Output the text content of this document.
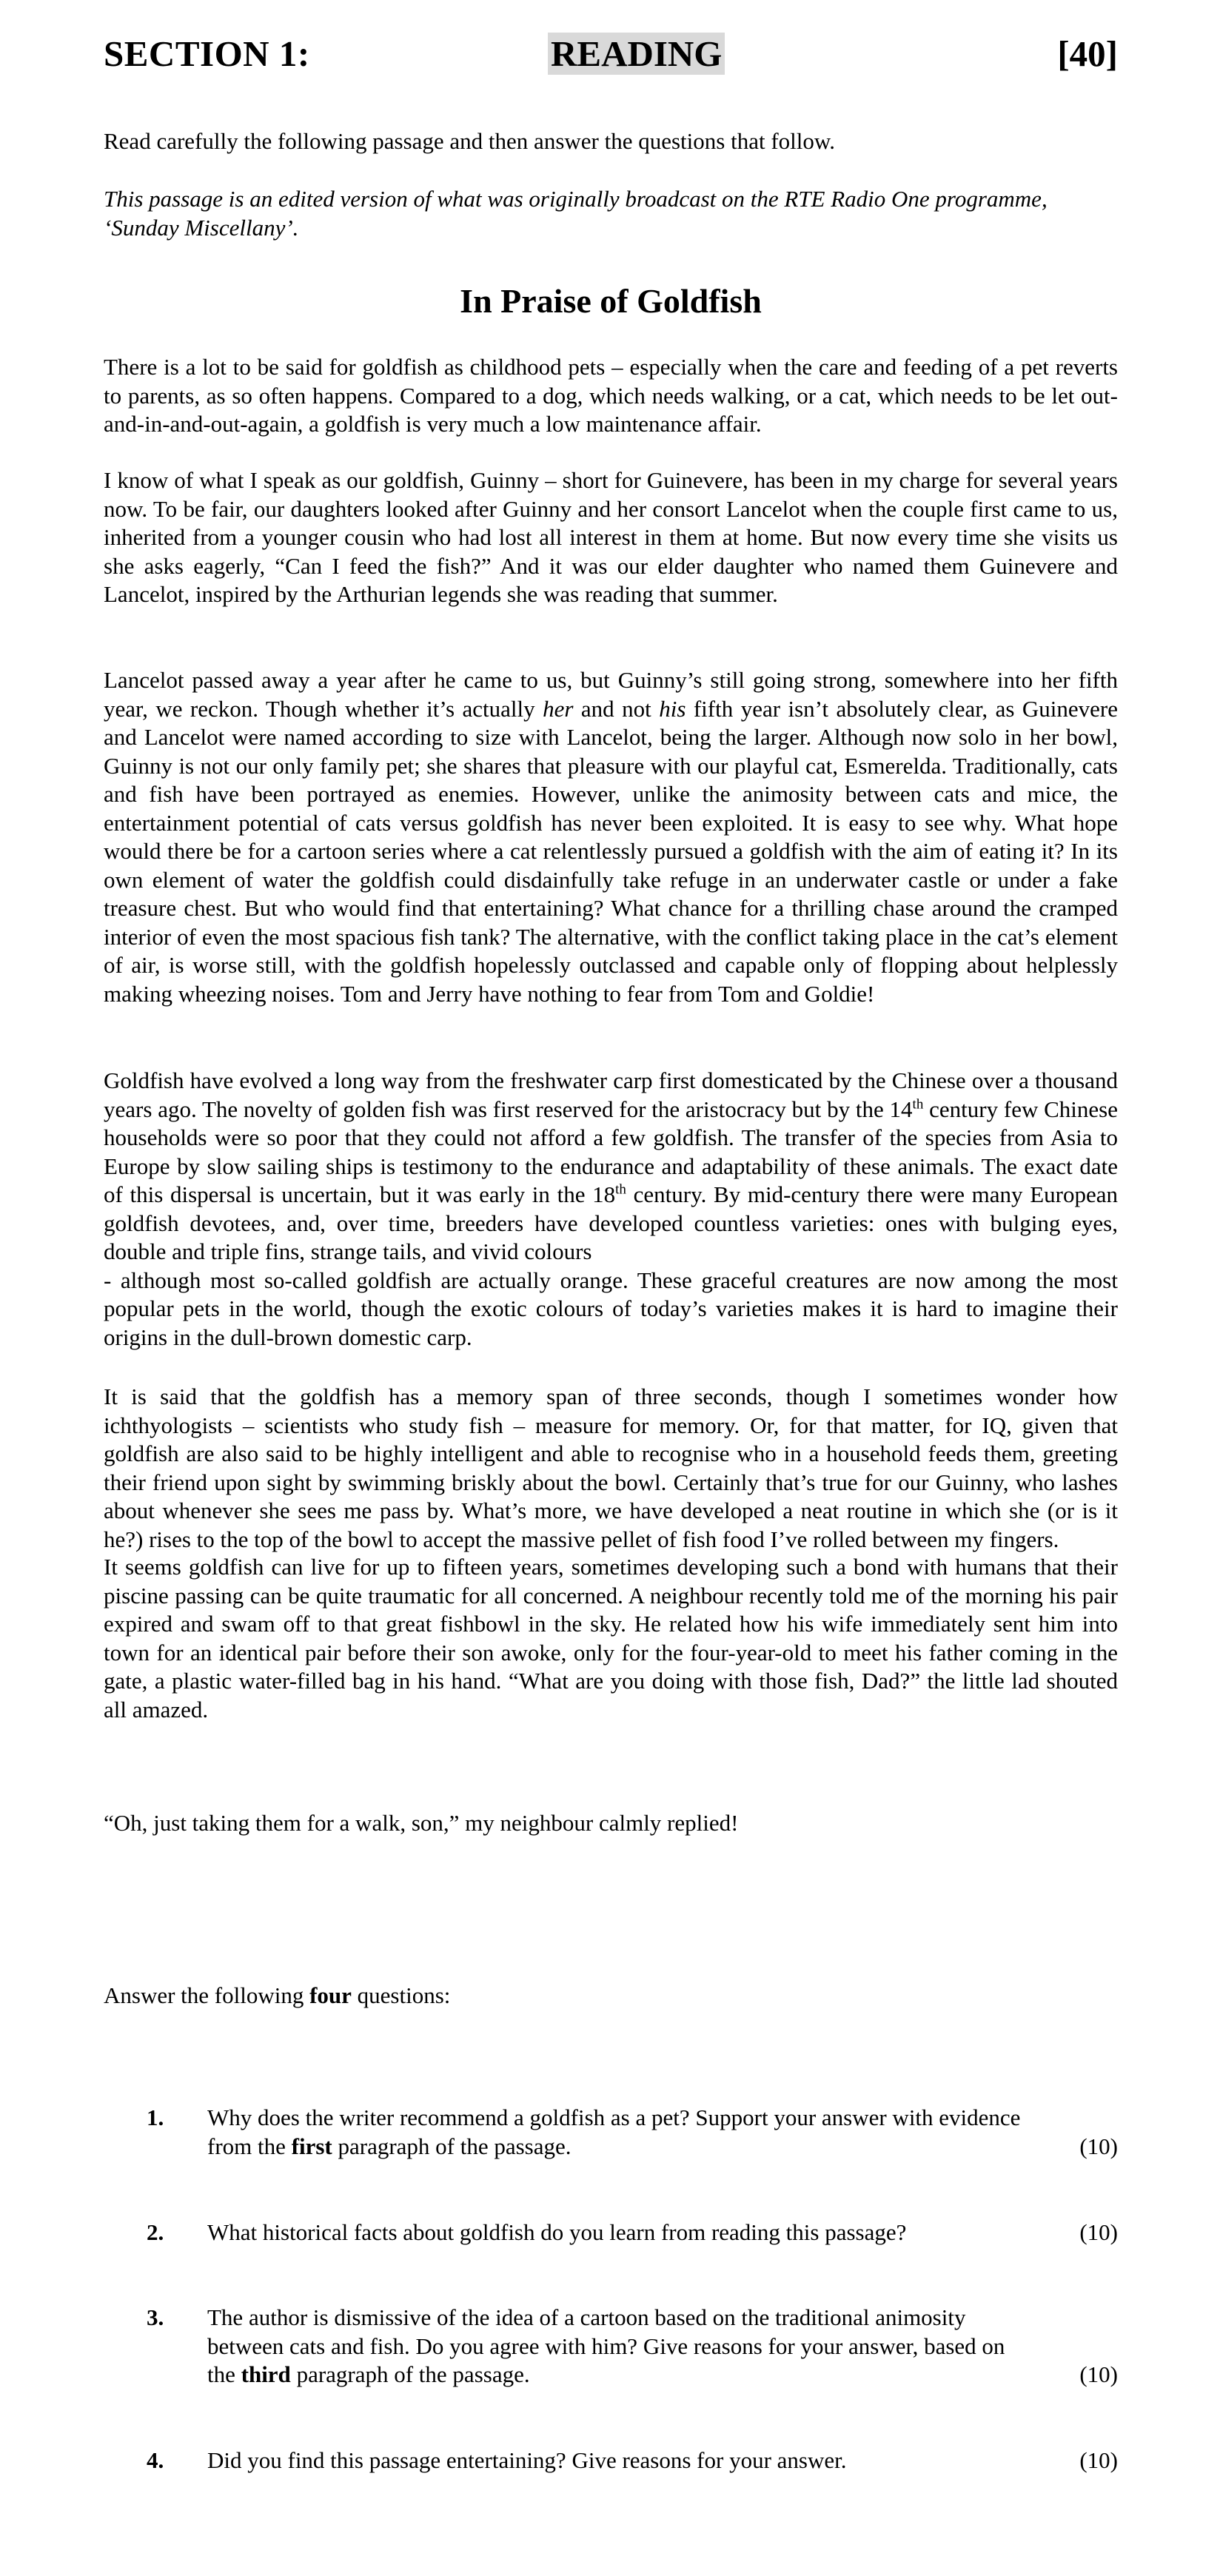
SECTION 1:	READING	[40]

Read carefully the following passage and then answer the questions that follow.

This passage is an edited version of what was originally broadcast on the RTE Radio One programme, ‘Sunday Miscellany’.

In Praise of Goldfish

There is a lot to be said for goldfish as childhood pets – especially when the care and feeding of a pet reverts to parents, as so often happens. Compared to a dog, which needs walking, or a cat, which needs to be let out-and-in-and-out-again, a goldfish is very much a low maintenance affair.

I know of what I speak as our goldfish, Guinny – short for Guinevere, has been in my charge for several years now. To be fair, our daughters looked after Guinny and her consort Lancelot when the couple first came to us, inherited from a younger cousin who had lost all interest in them at home. But now every time she visits us she asks eagerly, “Can I feed the fish?” And it was our elder daughter who named them Guinevere and Lancelot, inspired by the Arthurian legends she was reading that summer.

Lancelot passed away a year after he came to us, but Guinny’s still going strong, somewhere into her fifth year, we reckon. Though whether it’s actually her and not his fifth year isn’t absolutely clear, as Guinevere and Lancelot were named according to size with Lancelot, being the larger. Although now solo in her bowl, Guinny is not our only family pet; she shares that pleasure with our playful cat, Esmerelda. Traditionally, cats and fish have been portrayed as enemies. However, unlike the animosity between cats and mice, the entertainment potential of cats versus goldfish has never been exploited. It is easy to see why. What hope would there be for a cartoon series where a cat relentlessly pursued a goldfish with the aim of eating it? In its own element of water the goldfish could disdainfully take refuge in an underwater castle or under a fake treasure chest. But who would find that entertaining? What chance for a thrilling chase around the cramped interior of even the most spacious fish tank? The alternative, with the conflict taking place in the cat’s element of air, is worse still, with the goldfish hopelessly outclassed and capable only of flopping about helplessly making wheezing noises. Tom and Jerry have nothing to fear from Tom and Goldie!

Goldfish have evolved a long way from the freshwater carp first domesticated by the Chinese over a thousand years ago. The novelty of golden fish was first reserved for the aristocracy but by the 14th century few Chinese households were so poor that they could not afford a few goldfish. The transfer of the species from Asia to Europe by slow sailing ships is testimony to the endurance and adaptability of these animals. The exact date of this dispersal is uncertain, but it was early in the 18th century. By mid-century there were many European goldfish devotees, and, over time, breeders have developed countless varieties: ones with bulging eyes, double and triple fins, strange tails, and vivid colours
- although most so-called goldfish are actually orange. These graceful creatures are now among the most popular pets in the world, though the exotic colours of today’s varieties makes it is hard to imagine their origins in the dull-brown domestic carp.

It is said that the goldfish has a memory span of three seconds, though I sometimes wonder how ichthyologists – scientists who study fish – measure for memory. Or, for that matter, for IQ, given that goldfish are also said to be highly intelligent and able to recognise who in a household feeds them, greeting their friend upon sight by swimming briskly about the bowl. Certainly that’s true for our Guinny, who lashes about whenever she sees me pass by. What’s more, we have developed a neat routine in which she (or is it he?) rises to the top of the bowl to accept the massive pellet of fish food I’ve rolled between my fingers.

It seems goldfish can live for up to fifteen years, sometimes developing such a bond with humans that their piscine passing can be quite traumatic for all concerned. A neighbour recently told me of the morning his pair expired and swam off to that great fishbowl in the sky. He related how his wife immediately sent him into town for an identical pair before their son awoke, only for the four-year-old to meet his father coming in the gate, a plastic water-filled bag in his hand. “What are you doing with those fish, Dad?” the little lad shouted all amazed.

“Oh, just taking them for a walk, son,” my neighbour calmly replied!

Answer the following four questions:

1. Why does the writer recommend a goldfish as a pet? Support your answer with evidence
from the first paragraph of the passage.	(10)
2. What historical facts about goldfish do you learn from reading this passage?	(10)
3. The author is dismissive of the idea of a cartoon based on the traditional animosity
between cats and fish. Do you agree with him? Give reasons for your answer, based on
the third paragraph of the passage.	(10)
4. Did you find this passage entertaining? Give reasons for your answer.	(10)
